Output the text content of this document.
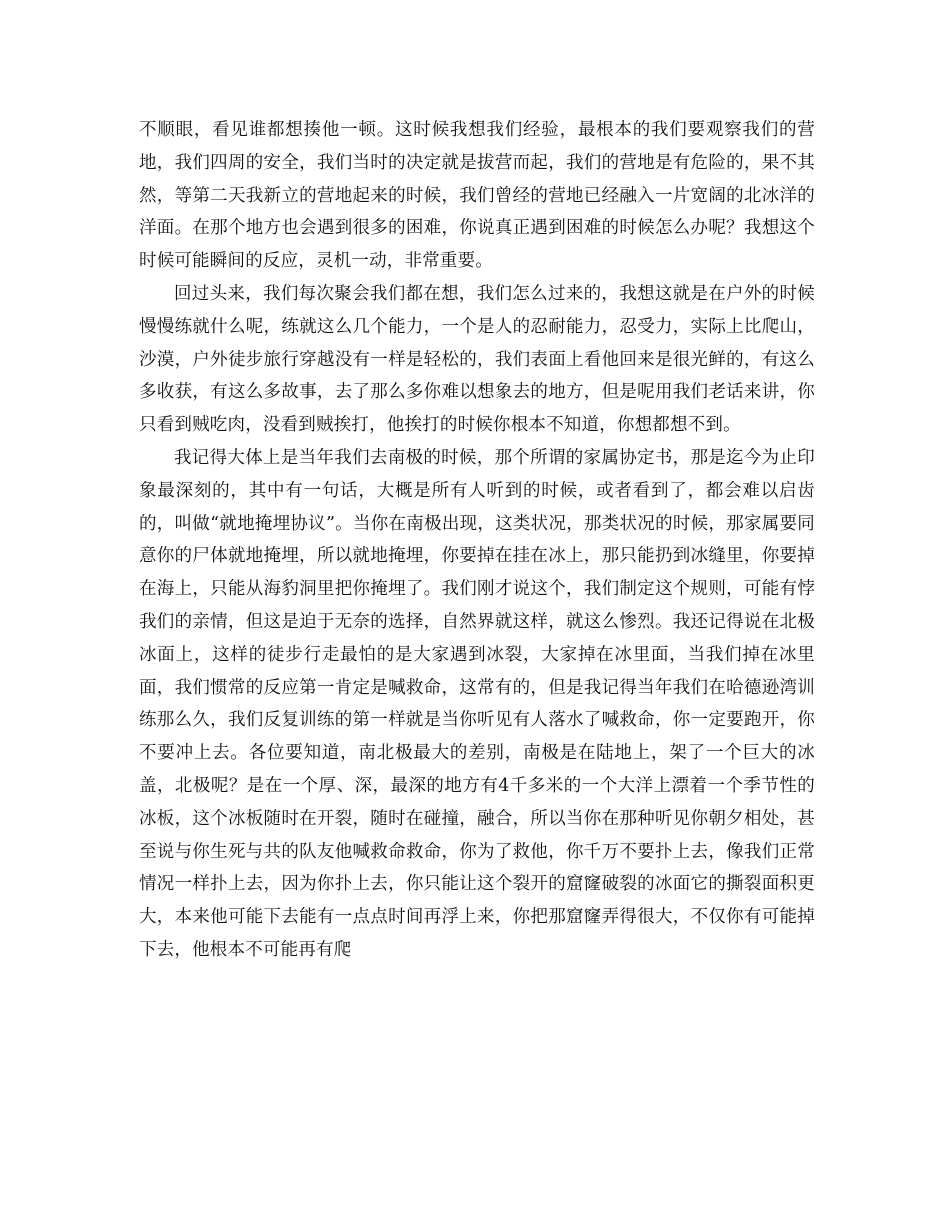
不顺眼，看见谁都想揍他一顿。这时候我想我们经验，最根本的我们要观察我们的营地，我们四周的安全，我们当时的决定就是拔营而起，我们的营地是有危险的，果不其然，等第二天我新立的营地起来的时候，我们曾经的营地已经融入一片宽阔的北冰洋的洋面。在那个地方也会遇到很多的困难，你说真正遇到困难的时候怎么办呢？我想这个时候可能瞬间的反应，灵机一动，非常重要。

回过头来，我们每次聚会我们都在想，我们怎么过来的，我想这就是在户外的时候慢慢练就什么呢，练就这么几个能力，一个是人的忍耐能力，忍受力，实际上比爬山，沙漠，户外徒步旅行穿越没有一样是轻松的，我们表面上看他回来是很光鲜的，有这么多收获，有这么多故事，去了那么多你难以想象去的地方，但是呢用我们老话来讲，你只看到贼吃肉，没看到贼挨打，他挨打的时候你根本不知道，你想都想不到。

我记得大体上是当年我们去南极的时候，那个所谓的家属协定书，那是迄今为止印象最深刻的，其中有一句话，大概是所有人听到的时候，或者看到了，都会难以启齿的，叫做“就地掩埋协议”。当你在南极出现，这类状况，那类状况的时候，那家属要同意你的尸体就地掩埋，所以就地掩埋，你要掉在挂在冰上，那只能扔到冰缝里，你要掉在海上，只能从海豹洞里把你掩埋了。我们刚才说这个，我们制定这个规则，可能有悖我们的亲情，但这是迫于无奈的选择，自然界就这样，就这么惨烈。我还记得说在北极冰面上，这样的徒步行走最怕的是大家遇到冰裂，大家掉在冰里面，当我们掉在冰里面，我们惯常的反应第一肯定是喊救命，这常有的，但是我记得当年我们在哈德逊湾训练那么久，我们反复训练的第一样就是当你听见有人落水了喊救命，你一定要跑开，你不要冲上去。各位要知道，南北极最大的差别，南极是在陆地上，架了一个巨大的冰盖，北极呢？是在一个厚、深，最深的地方有4千多米的一个大洋上漂着一个季节性的冰板，这个冰板随时在开裂，随时在碰撞，融合，所以当你在那种听见你朝夕相处，甚至说与你生死与共的队友他喊救命救命，你为了救他，你千万不要扑上去，像我们正常情况一样扑上去，因为你扑上去，你只能让这个裂开的窟窿破裂的冰面它的撕裂面积更大，本来他可能下去能有一点点时间再浮上来，你把那窟窿弄得很大，不仅你有可能掉下去，他根本不可能再有爬
